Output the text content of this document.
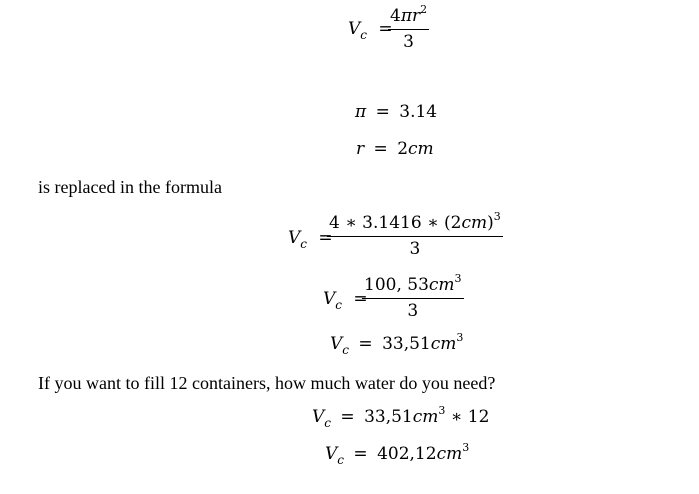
$V_c$ =
$\frac{4\pi r^2}{3}$
π = 3.14
r = 2cm
is replaced in the formula
$V_c$ =
$\frac{4 ∗ 3.1416 ∗ (2cm)^3}{3}$
$V_c$ =
$\frac{100, 53cm^3}{3}$
$V_c = 33,51cm^3$
If you want to fill 12 containers, how much water do you need?
$V_c = 33,51cm^3$ ∗ 12
$V_c = 402,12cm^3$
